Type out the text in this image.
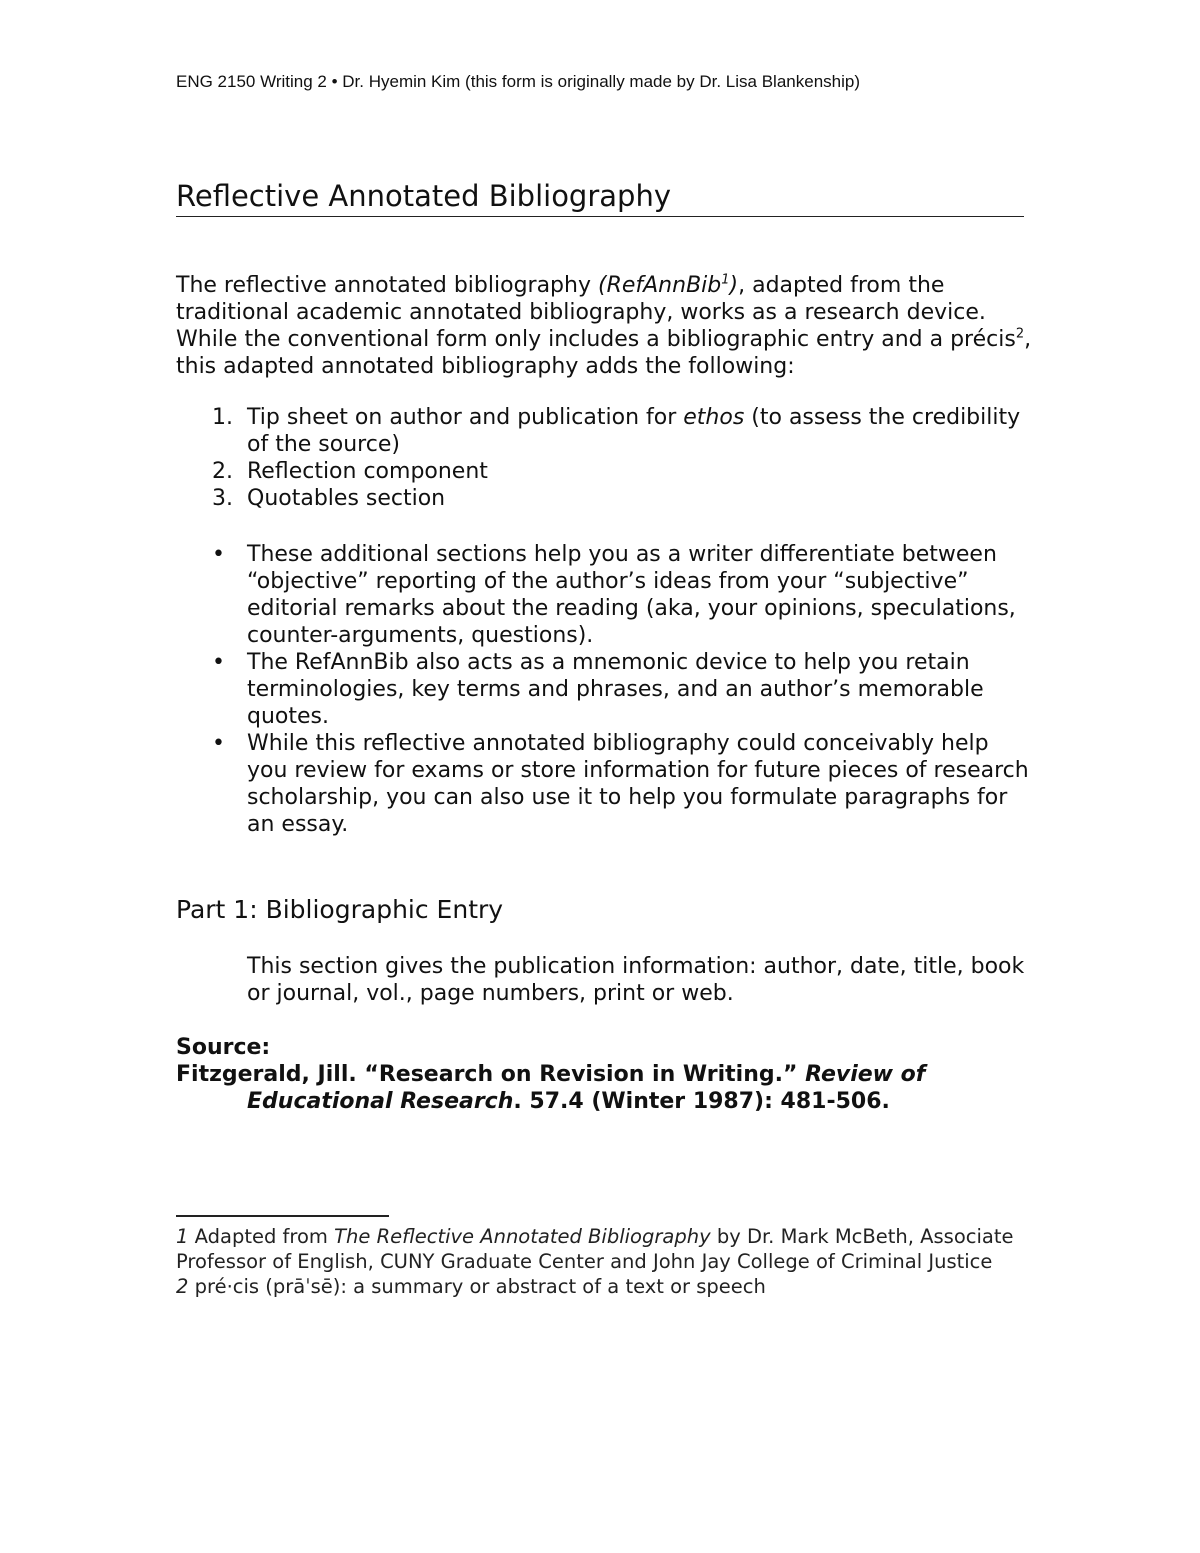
ENG 2150 Writing 2 • Dr. Hyemin Kim (this form is originally made by Dr. Lisa Blankenship)
Reflective Annotated Bibliography

The reflective annotated bibliography (RefAnnBib$^1$), adapted from the traditional academic annotated bibliography, works as a research device. While the conventional form only includes a bibliographic entry and a précis$^2$, this adapted annotated bibliography adds the following:

1. Tip sheet on author and publication for ethos (to assess the credibility of the source)
2. Reflection component
3. Quotables section
• These additional sections help you as a writer differentiate between “objective” reporting of the author’s ideas from your “subjective” editorial remarks about the reading (aka, your opinions, speculations, counter-arguments, questions).
• The RefAnnBib also acts as a mnemonic device to help you retain terminologies, key terms and phrases, and an author’s memorable quotes.
• While this reflective annotated bibliography could conceivably help you review for exams or store information for future pieces of research scholarship, you can also use it to help you formulate paragraphs for an essay.
Part 1: Bibliographic Entry

This section gives the publication information: author, date, title, book or journal, vol., page numbers, print or web.

Source:
Fitzgerald, Jill. “Research on Revision in Writing.” Review of Educational Research. 57.4 (Winter 1987): 481-506.

1 Adapted from The Reflective Annotated Bibliography by Dr. Mark McBeth, Associate Professor of English, CUNY Graduate Center and John Jay College of Criminal Justice

2 pré·cis (prāˈsē): a summary or abstract of a text or speech
